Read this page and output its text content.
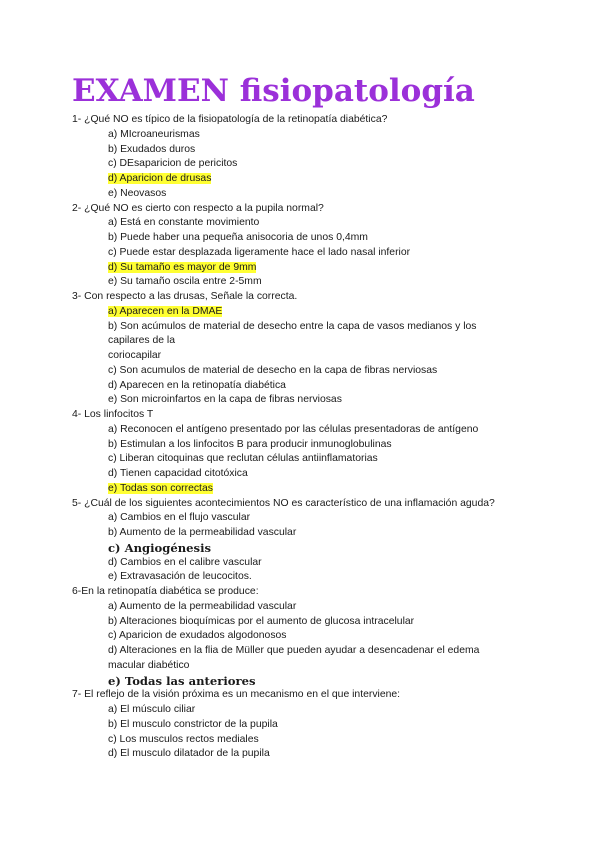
EXAMEN fisiopatología
1- ¿Qué NO es típico de la fisiopatología de la retinopatía diabética?
a) MIcroaneurismas
b) Exudados duros
c) DEsaparicion de pericitos
d) Aparicion de drusas
e) Neovasos
2- ¿Qué NO es cierto con respecto a la pupila normal?
a) Está en constante movimiento
b) Puede haber una pequeña anisocoria de unos 0,4mm
c) Puede estar desplazada ligeramente hace el lado nasal inferior
d) Su tamaño es mayor de 9mm
e) Su tamaño oscila entre 2-5mm
3- Con respecto a las drusas, Señale la correcta.
a) Aparecen en la DMAE
b) Son acúmulos de material de desecho entre la capa de vasos medianos y los
capilares de la
coriocapilar
c) Son acumulos de material de desecho en la capa de fibras nerviosas
d) Aparecen en la retinopatía diabética
e) Son microinfartos en la capa de fibras nerviosas
4- Los linfocitos T
a) Reconocen el antígeno presentado por las células presentadoras de antígeno
b) Estimulan a los linfocitos B para producir inmunoglobulinas
c) Liberan citoquinas que reclutan células antiinflamatorias
d) Tienen capacidad citotóxica
e) Todas son correctas
5- ¿Cuál de los siguientes acontecimientos NO es característico de una inflamación aguda?
a) Cambios en el flujo vascular
b) Aumento de la permeabilidad vascular
c) Angiogénesis
d) Cambios en el calibre vascular
e) Extravasación de leucocitos.
6-En la retinopatía diabética se produce:
a) Aumento de la permeabilidad vascular
b) Alteraciones bioquímicas por el aumento de glucosa intracelular
c) Aparicion de exudados algodonosos
d) Alteraciones en la flia de Müller que pueden ayudar a desencadenar el edema
macular diabético
e) Todas las anteriores
7- El reflejo de la visión próxima es un mecanismo en el que interviene:
a) El músculo ciliar
b) El musculo constrictor de la pupila
c) Los musculos rectos mediales
d) El musculo dilatador de la pupila
